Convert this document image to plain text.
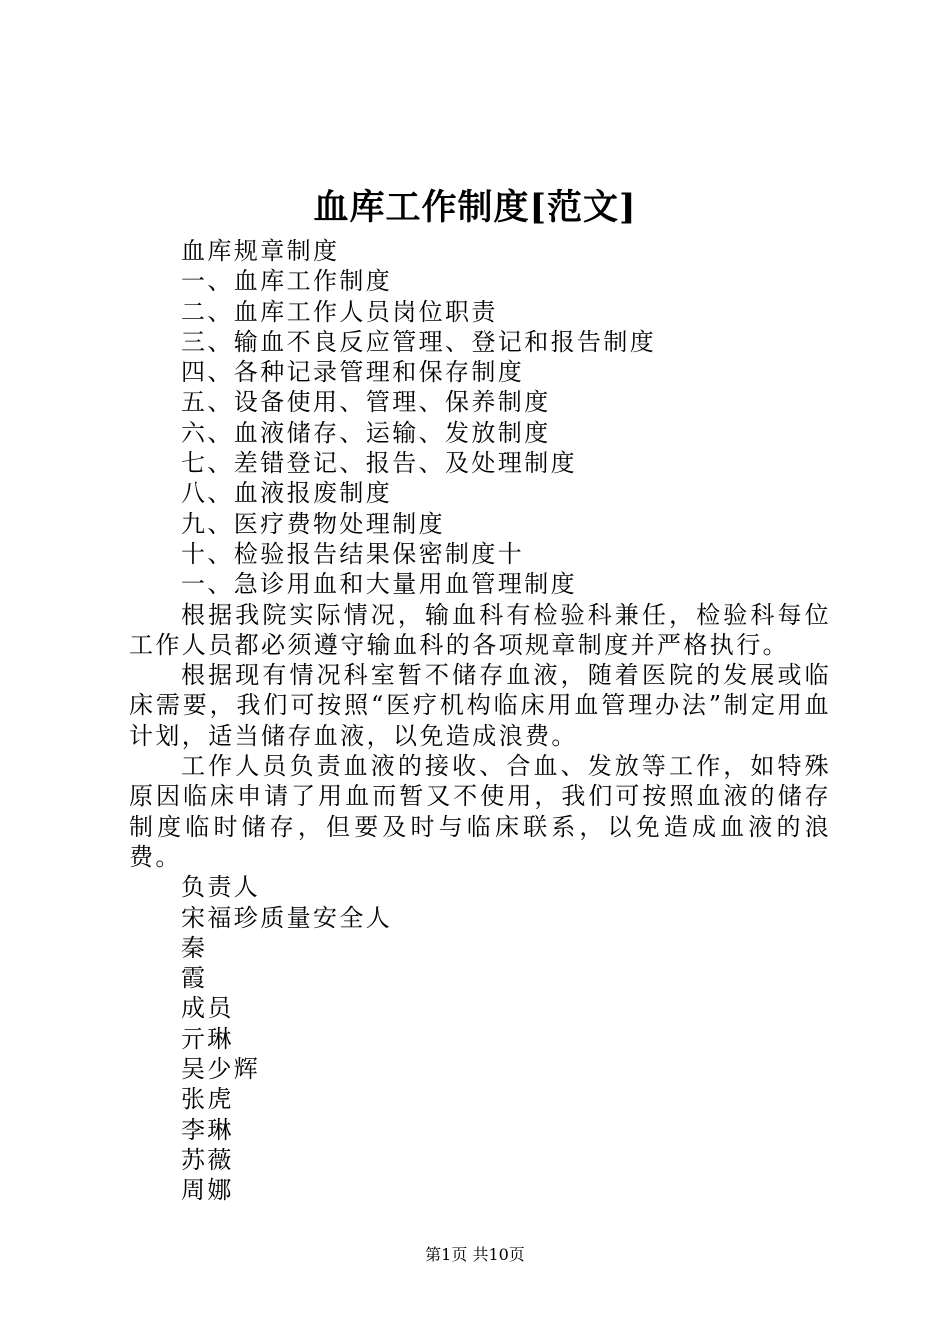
血库工作制度[范文]

血库规章制度

一、血库工作制度

二、血库工作人员岗位职责

三、输血不良反应管理、登记和报告制度

四、各种记录管理和保存制度

五、设备使用、管理、保养制度

六、血液储存、运输、发放制度

七、差错登记、报告、及处理制度

八、血液报废制度

九、医疗费物处理制度

十、检验报告结果保密制度十

一、急诊用血和大量用血管理制度

根据我院实际情况，输血科有检验科兼任，检验科每位工作人员都必须遵守输血科的各项规章制度并严格执行。

根据现有情况科室暂不储存血液，随着医院的发展或临床需要，我们可按照“医疗机构临床用血管理办法”制定用血计划，适当储存血液，以免造成浪费。

工作人员负责血液的接收、合血、发放等工作，如特殊原因临床申请了用血而暂又不使用，我们可按照血液的储存制度临时储存，但要及时与临床联系，以免造成血液的浪费。

负责人

宋福珍质量安全人

秦

霞

成员

亓琳

吴少辉

张虎

李琳

苏薇

周娜

第1页 共10页
